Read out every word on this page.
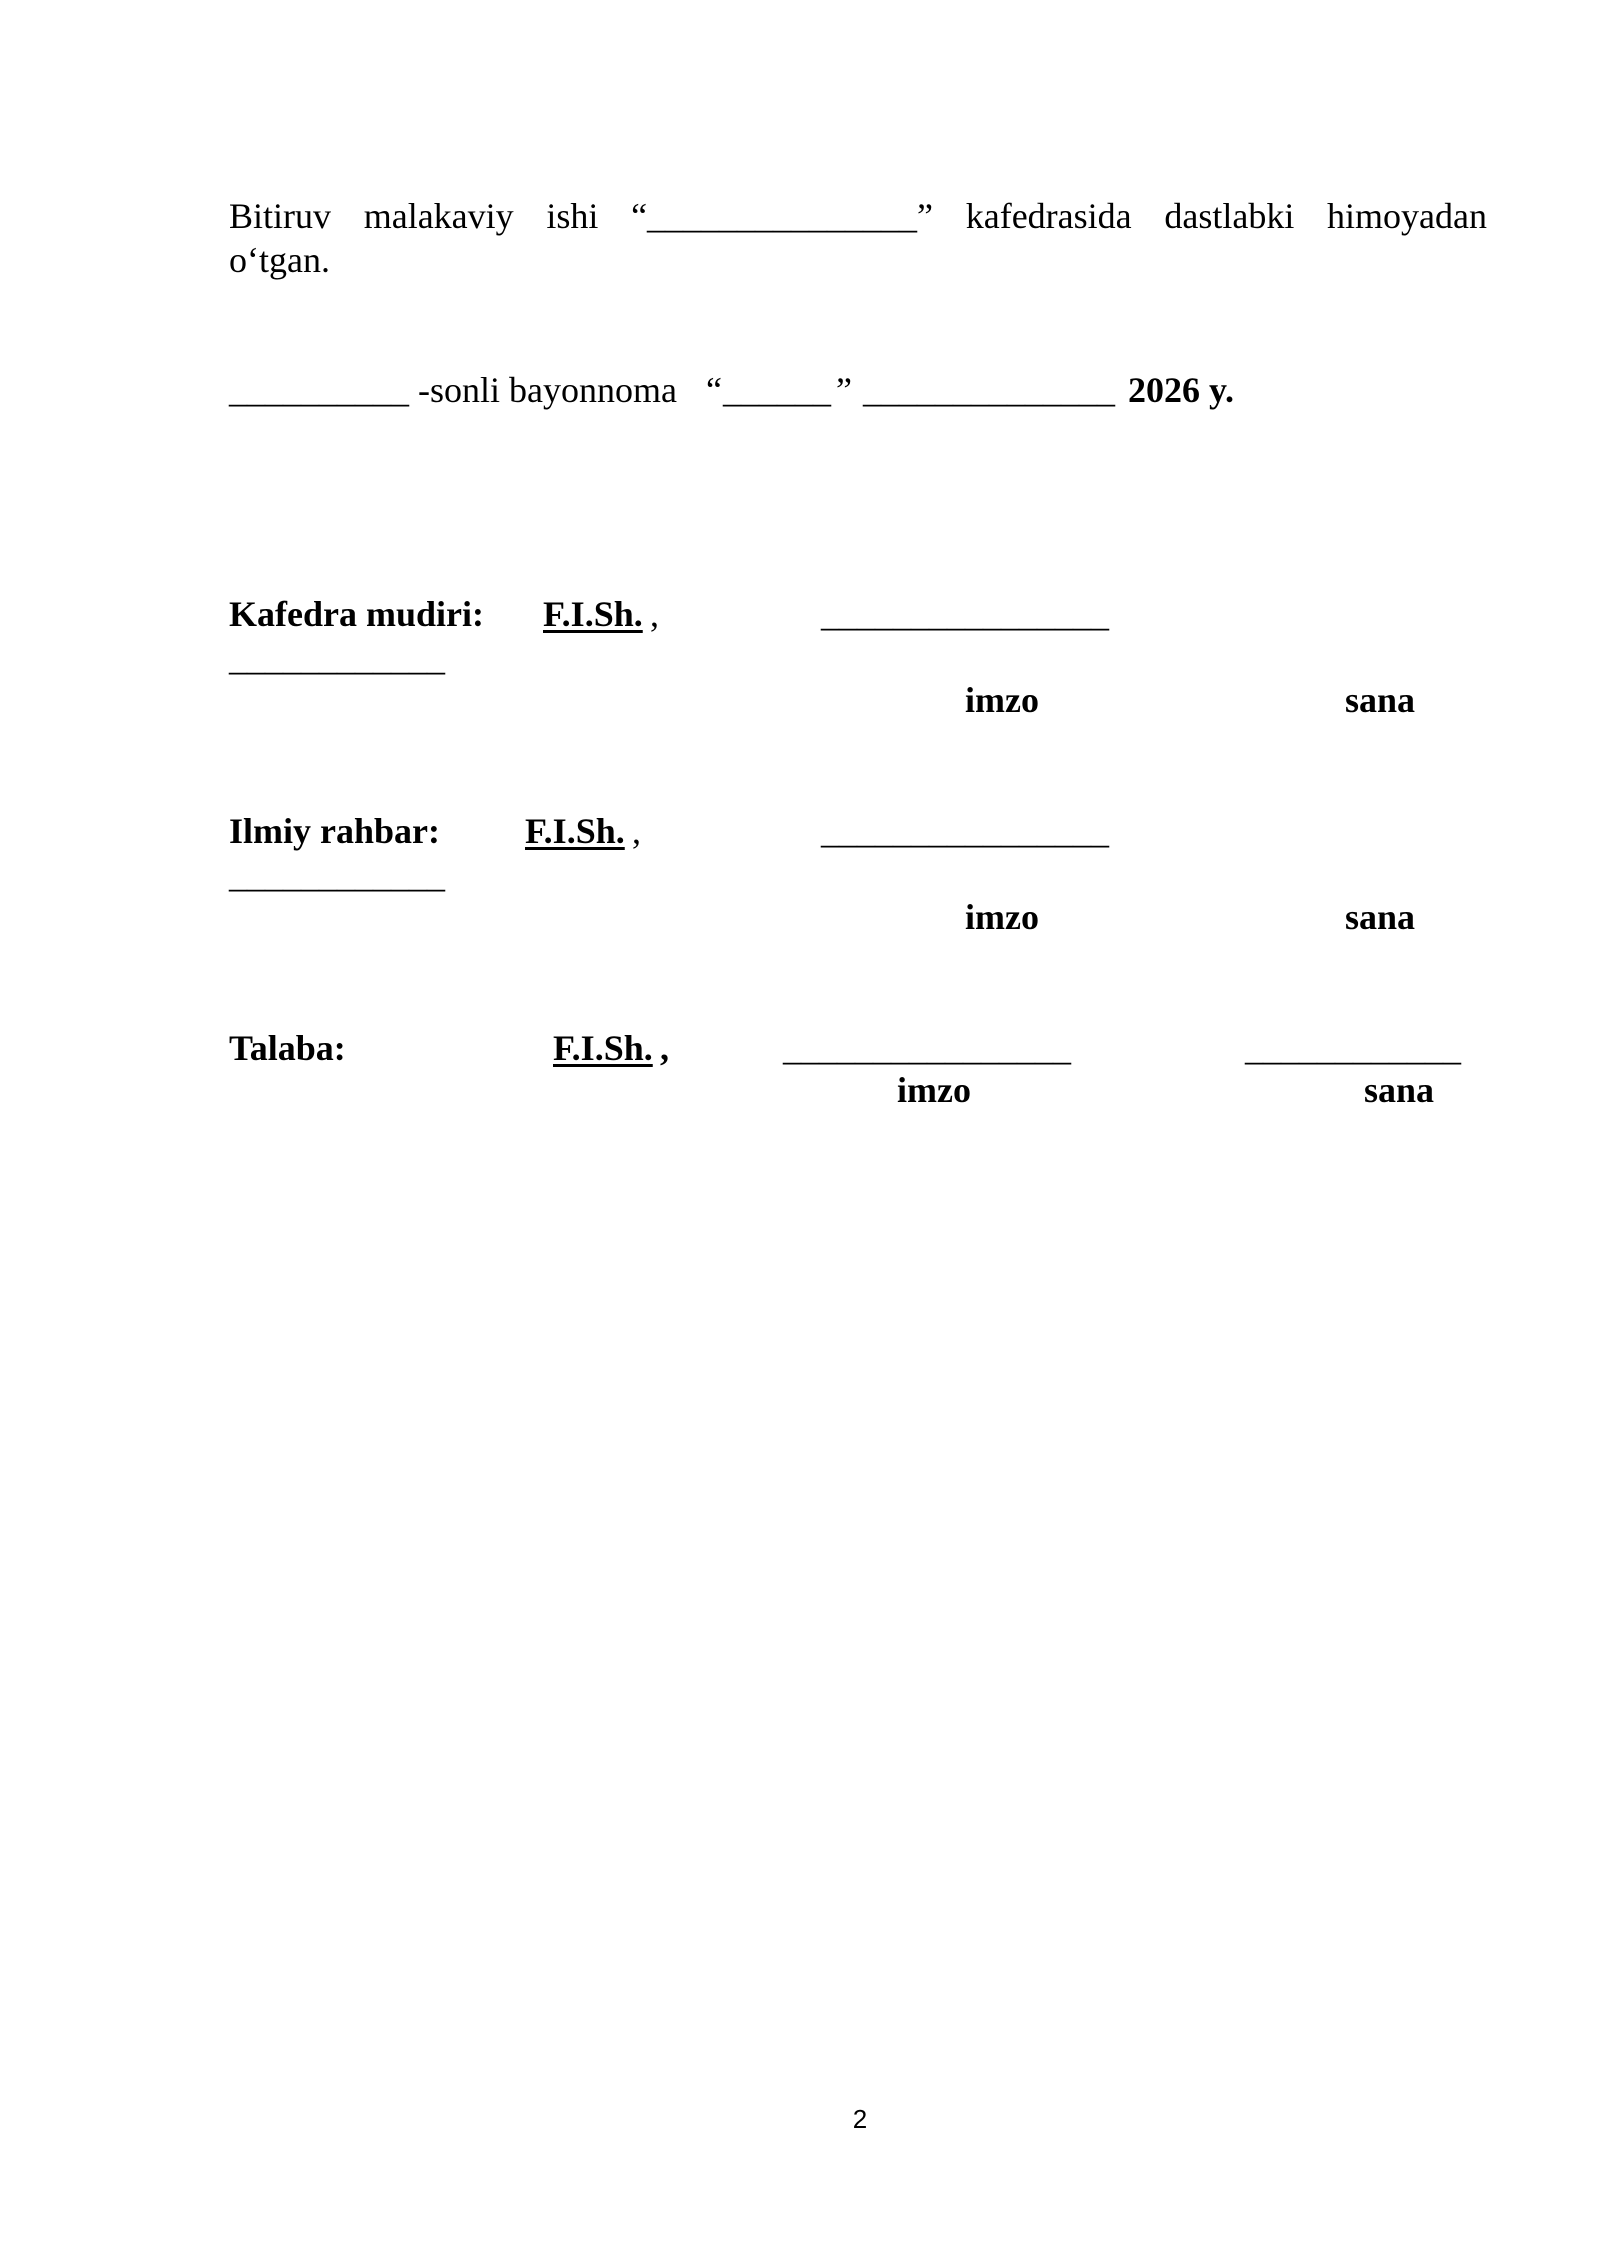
Bitiruv malakaviy ishi “_______________” kafedrasida dastlabki himoyadan
o‘tgan.
__________ -sonli bayonnoma “ ______ ” ______________ 2026 y.
Kafedra mudiri: F.I.Sh. ,	________________
____________
imzo	sana
Ilmiy rahbar: F.I.Sh. ,	________________
____________
imzo	sana
Talaba:	F.I.Sh. ,	________________	____________
imzo	sana
2
